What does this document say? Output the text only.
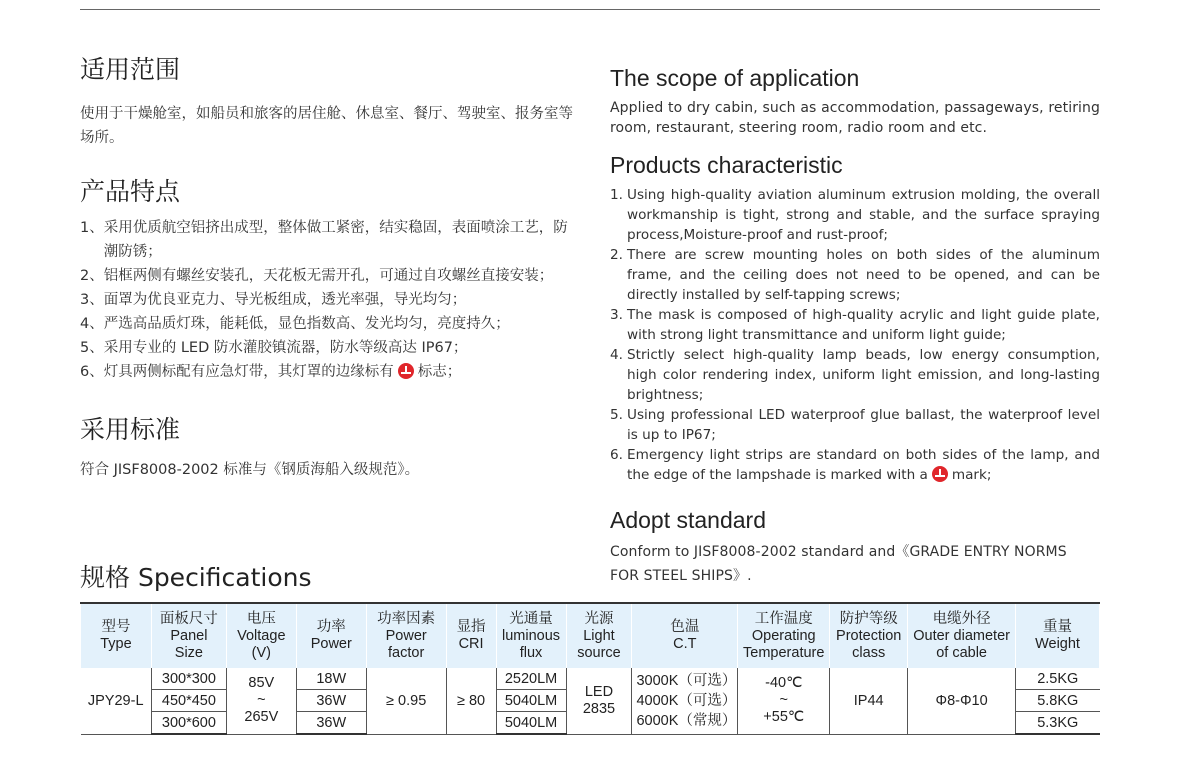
适用范围

使用于干燥舱室，如船员和旅客的居住舱、休息室、餐厅、驾驶室、报务室等场所。

产品特点
1、 采用优质航空铝挤出成型，整体做工紧密，结实稳固，表面喷涂工艺，防潮防锈；
2、 铝框两侧有螺丝安装孔，天花板无需开孔，可通过自攻螺丝直接安装；
3、 面罩为优良亚克力、导光板组成，透光率强，导光均匀；
4、 严选高品质灯珠，能耗低，显色指数高、发光均匀，亮度持久；
5、 采用专业的 LED 防水灌胶镇流器，防水等级高达 IP67；
6、 灯具两侧标配有应急灯带，其灯罩的边缘标有 标志；
采用标准

符合 JISF8008-2002 标准与《钢质海船入级规范》。

The scope of application

Applied to dry cabin, such as accommodation, passageways, retiring room, restaurant, steering room, radio room and etc.

Products characteristic
1. Using high-quality aviation aluminum extrusion molding, the overall workmanship is tight, strong and stable, and the surface spraying process,Moisture-proof and rust-proof;
2. There are screw mounting holes on both sides of the aluminum frame, and the ceiling does not need to be opened, and can be directly installed by self-tapping screws;
3. The mask is composed of high-quality acrylic and light guide plate, with strong light transmittance and uniform light guide;
4. Strictly select high-quality lamp beads, low energy consumption, high color rendering index, uniform light emission, and long-lasting brightness;
5. Using professional LED waterproof glue ballast, the waterproof level is up to IP67;
6. Emergency light strips are standard on both sides of the lamp, and the edge of the lampshade is marked with a mark;
Adopt standard

Conform to JISF8008-2002 standard and《GRADE ENTRY NORMS FOR STEEL SHIPS》.

规格 Specifications
型号
Type	面板尺寸
Panel
Size	电压
Voltage
(V)	功率
Power	功率因素
Power
factor	显指
CRI	光通量
luminous
flux	光源
Light
source	色温
C.T	工作温度
Operating
Temperature	防护等级
Protection
class	电缆外径
Outer diameter
of cable	重量
Weight

JPY29-L	300*300	85V
~
265V	18W	≥ 0.95	≥ 80	2520LM	LED
2835	3000K（可选）
4000K（可选）
6000K（常规）	-40℃
~
+55℃	IP44	Φ8-Φ10	2.5KG
	450*450		36W			5040LM						5.8KG
	300*600		36W			5040LM						5.3KG
